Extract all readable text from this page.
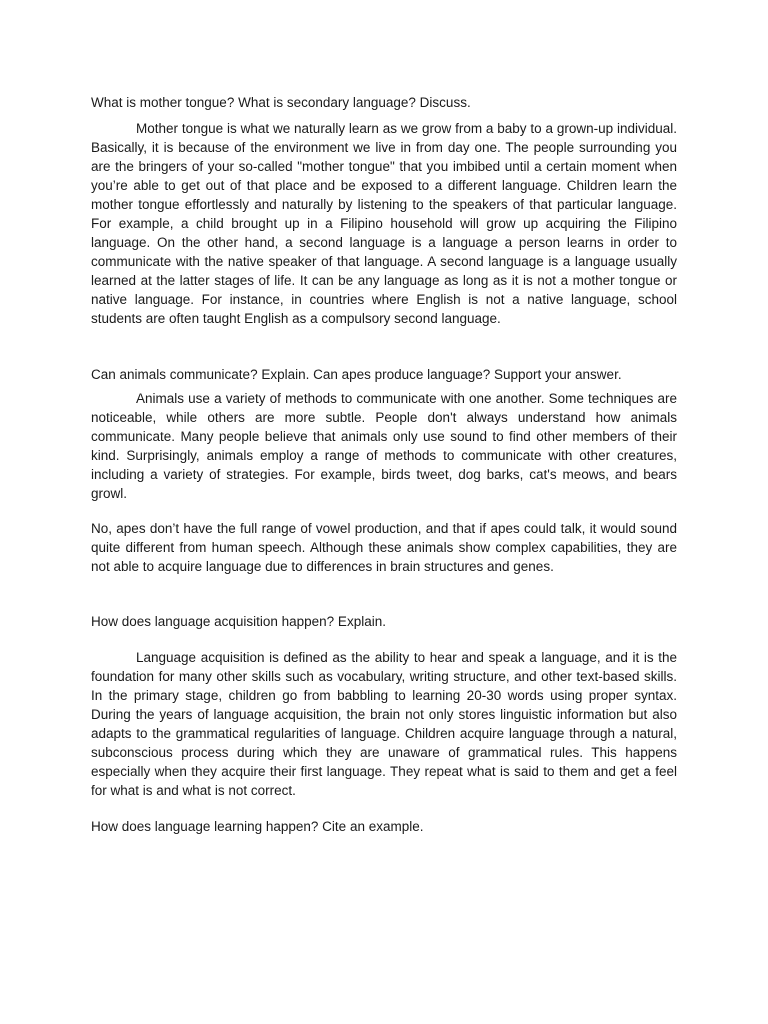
What is mother tongue? What is secondary language? Discuss.

Mother tongue is what we naturally learn as we grow from a baby to a grown-up individual. Basically, it is because of the environment we live in from day one. The people surrounding you are the bringers of your so-called "mother tongue" that you imbibed until a certain moment when you’re able to get out of that place and be exposed to a different language. Children learn the mother tongue effortlessly and naturally by listening to the speakers of that particular language. For example, a child brought up in a Filipino household will grow up acquiring the Filipino language. On the other hand, a second language is a language a person learns in order to communicate with the native speaker of that language. A second language is a language usually learned at the latter stages of life. It can be any language as long as it is not a mother tongue or native language. For instance, in countries where English is not a native language, school students are often taught English as a compulsory second language.

Can animals communicate? Explain. Can apes produce language? Support your answer.

Animals use a variety of methods to communicate with one another. Some techniques are noticeable, while others are more subtle. People don't always understand how animals communicate. Many people believe that animals only use sound to find other members of their kind. Surprisingly, animals employ a range of methods to communicate with other creatures, including a variety of strategies. For example, birds tweet, dog barks, cat's meows, and bears growl.

No, apes don’t have the full range of vowel production, and that if apes could talk, it would sound quite different from human speech. Although these animals show complex capabilities, they are not able to acquire language due to differences in brain structures and genes.

How does language acquisition happen? Explain.

Language acquisition is defined as the ability to hear and speak a language, and it is the foundation for many other skills such as vocabulary, writing structure, and other text-based skills. In the primary stage, children go from babbling to learning 20-30 words using proper syntax. During the years of language acquisition, the brain not only stores linguistic information but also adapts to the grammatical regularities of language. Children acquire language through a natural, subconscious process during which they are unaware of grammatical rules. This happens especially when they acquire their first language. They repeat what is said to them and get a feel for what is and what is not correct.

How does language learning happen? Cite an example.
